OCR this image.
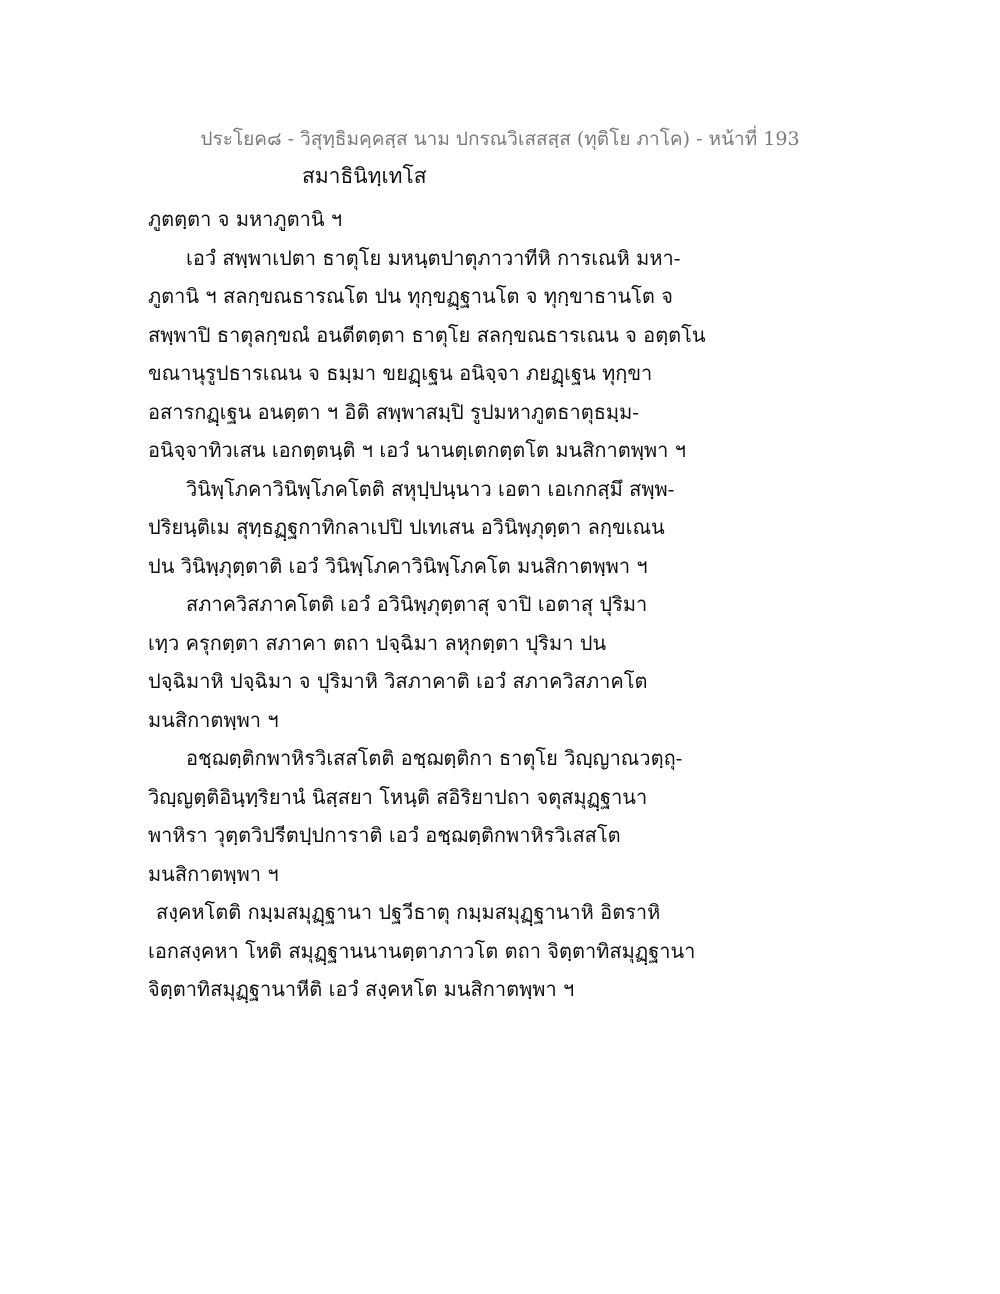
ประโยค๘ - วิสุทฺธิมคฺคสฺส นาม ปกรณวิเสสสฺส (ทุติโย ภาโค) - หน้าที่ 193
สมาธินิทฺเทโส
ภูตตฺตา จ มหาภูตานิ ฯ
เอวํ สพฺพาเปตา ธาตุโย มหนฺตปาตุภาวาทีหิ การเณหิ มหา-
ภูตานิ ฯ สลกฺขณธารณโต ปน ทุกฺขฏฺฐานโต จ ทุกฺขาธานโต จ
สพฺพาปิ ธาตุลกฺขณํ อนตีตตฺตา ธาตุโย สลกฺขณธารเณน จ อตฺตโน
ขณานุรูปธารเณน จ ธมฺมา ขยฏฺเฐน อนิจฺจา ภยฏฺเฐน ทุกฺขา
อสารกฏฺเฐน อนตฺตา ฯ อิติ สพฺพาสมฺปิ รูปมหาภูตธาตุธมฺม-
อนิจฺจาทิวเสน เอกตฺตนฺติ ฯ เอวํ นานตฺเตกตฺตโต มนสิกาตพฺพา ฯ
วินิพฺโภคาวินิพฺโภคโตติ สหุปฺปนฺนาว เอตา เอเกกสฺมึ สพฺพ-
ปริยนฺติเม สุทฺธฏฺฐกาทิกลาเปปิ ปเทเสน อวินิพฺภุตฺตา ลกฺขเณน
ปน วินิพฺภุตฺตาติ เอวํ วินิพฺโภคาวินิพฺโภคโต มนสิกาตพฺพา ฯ
สภาควิสภาคโตติ เอวํ อวินิพฺภุตฺตาสุ จาปิ เอตาสุ ปุริมา
เทฺว ครุกตฺตา สภาคา ตถา ปจฺฉิมา ลหุกตฺตา ปุริมา ปน
ปจฺฉิมาหิ ปจฺฉิมา จ ปุริมาหิ วิสภาคาติ เอวํ สภาควิสภาคโต
มนสิกาตพฺพา ฯ
อชฺฌตฺติกพาหิรวิเสสโตติ อชฺฌตฺติกา ธาตุโย วิญฺญาณวตฺถุ-
วิญฺญตฺติอินฺทฺริยานํ นิสฺสยา โหนฺติ สอิริยาปถา จตุสมุฏฺฐานา
พาหิรา วุตฺตวิปรีตปฺปการาติ เอวํ อชฺฌตฺติกพาหิรวิเสสโต
มนสิกาตพฺพา ฯ
สงฺคหโตติ กมฺมสมุฏฺฐานา ปฐวีธาตุ กมฺมสมุฏฺฐานาหิ อิตราหิ
เอกสงฺคหา โหติ สมุฏฺฐานนานตฺตาภาวโต ตถา จิตฺตาทิสมุฏฺฐานา
จิตฺตาทิสมุฏฺฐานาหีติ เอวํ สงฺคหโต มนสิกาตพฺพา ฯ
